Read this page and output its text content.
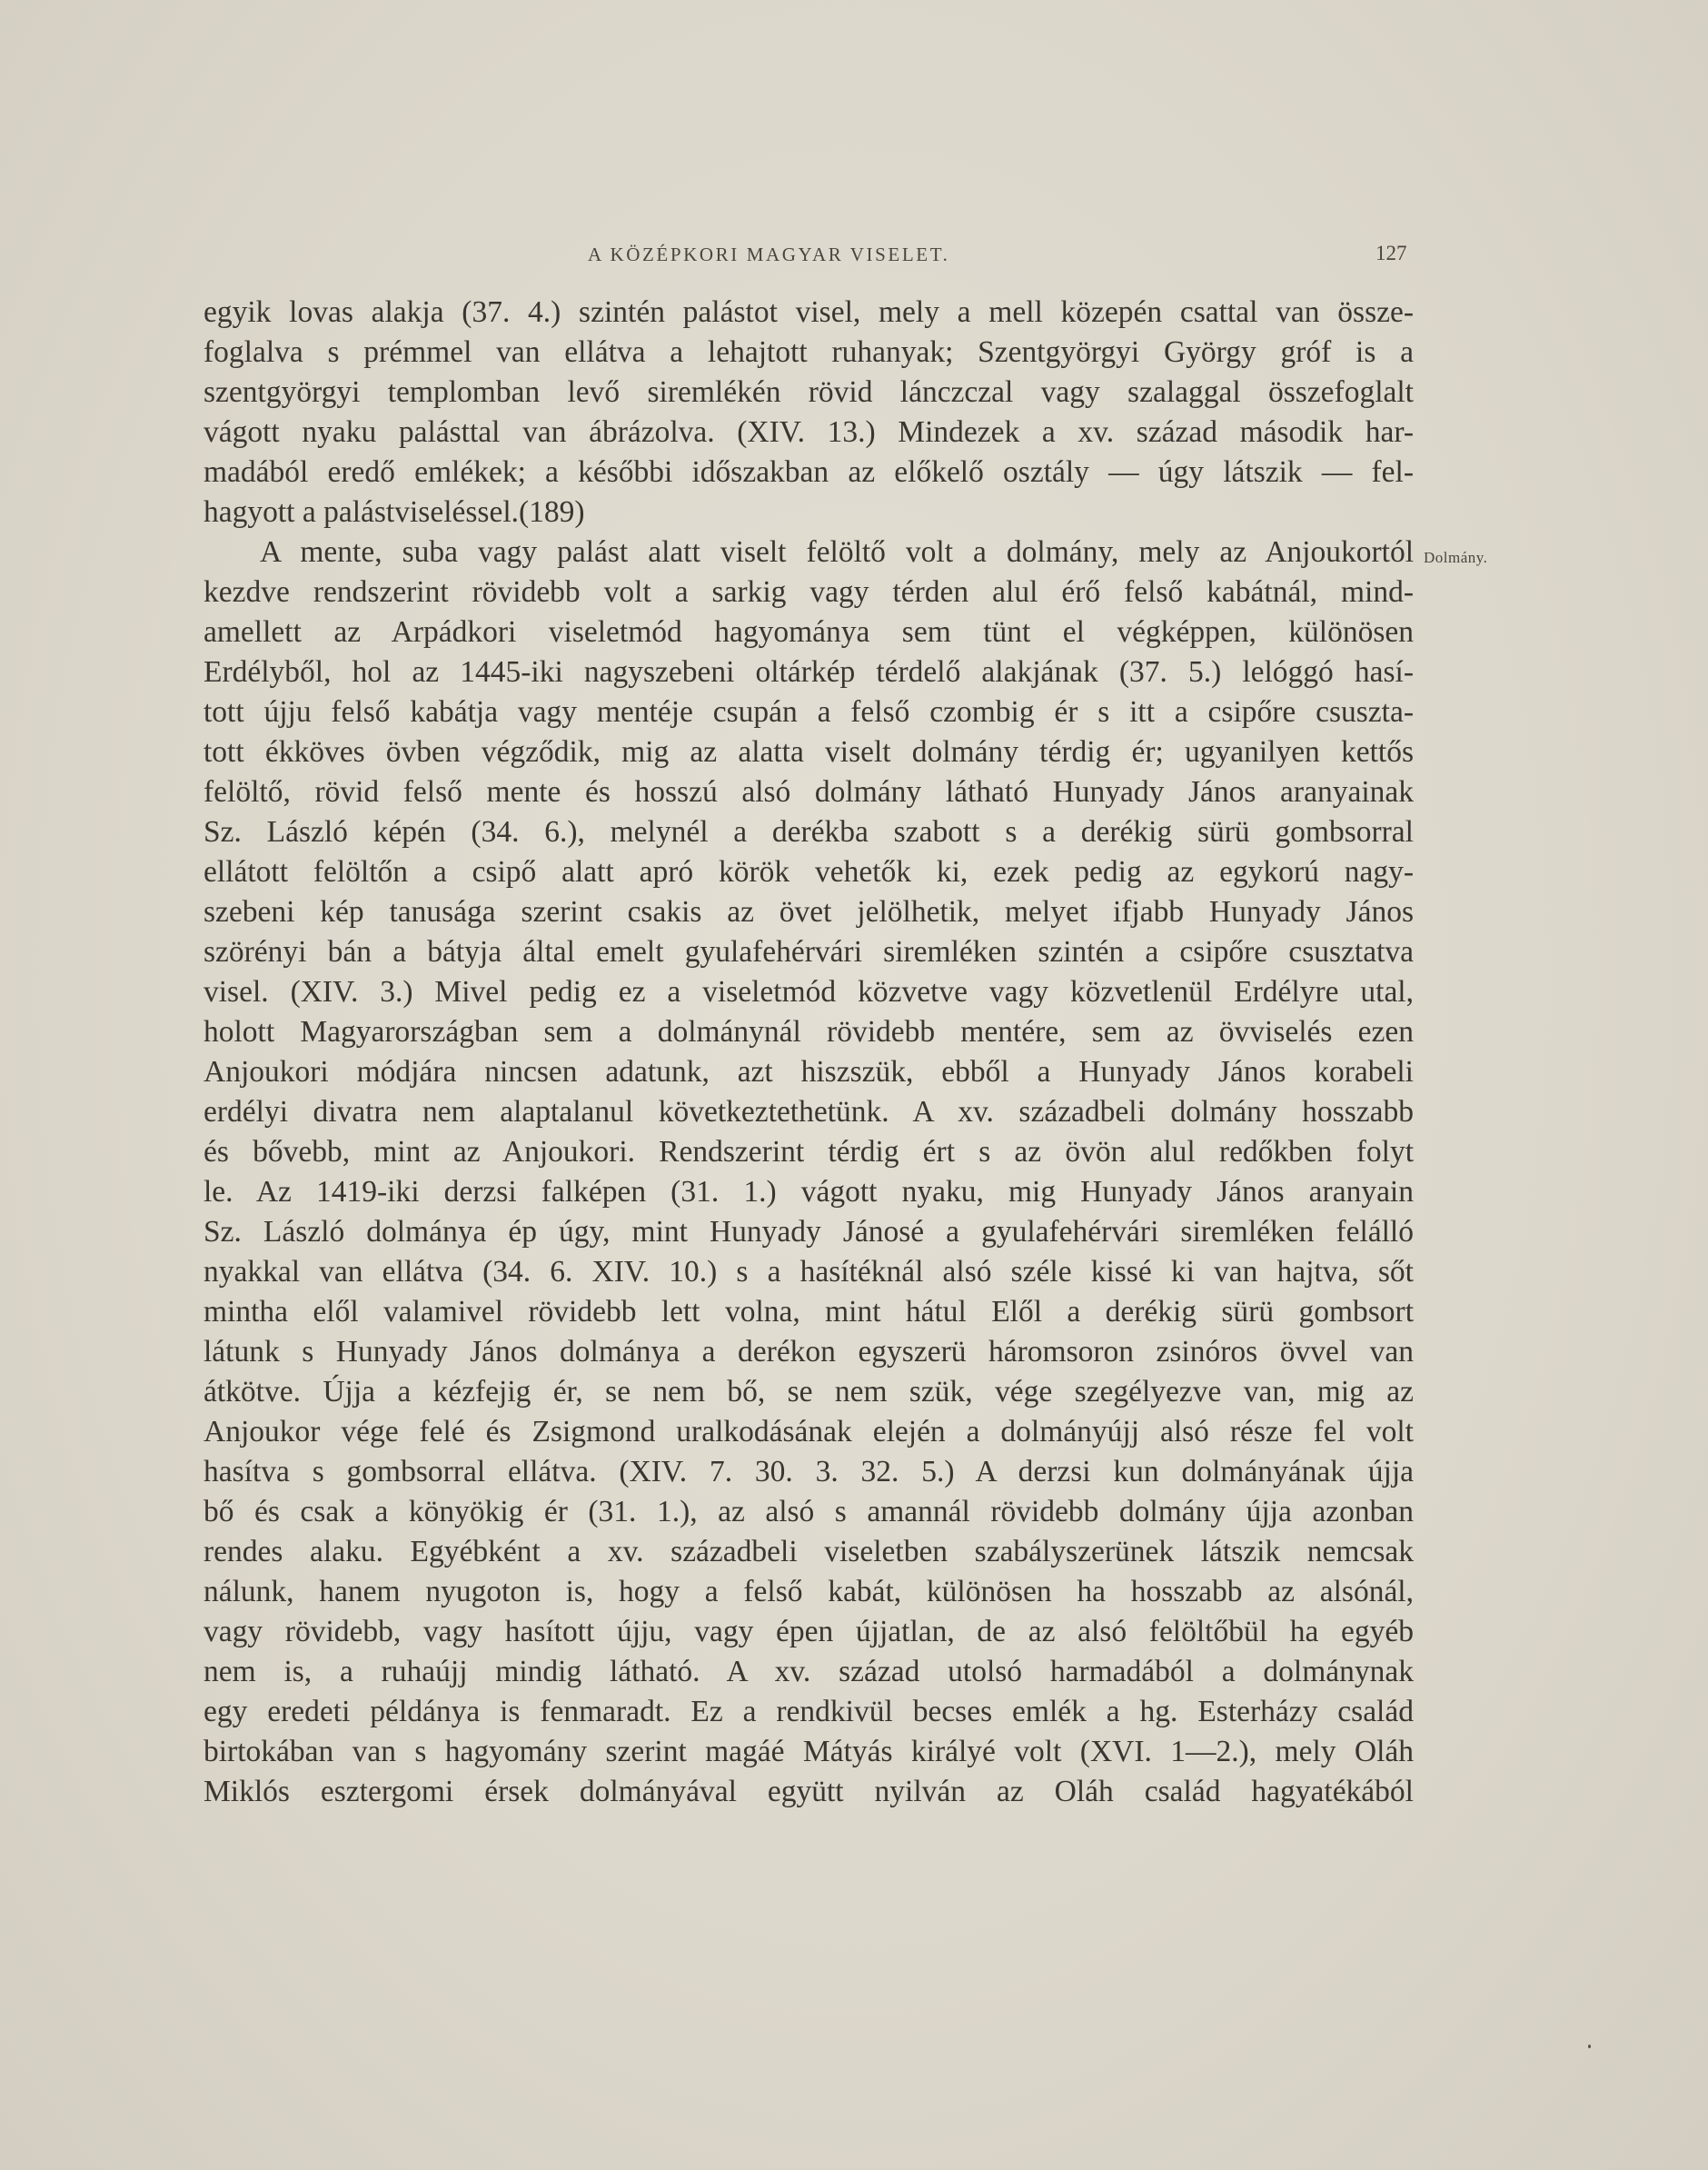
A KÖZÉPKORI MAGYAR VISELET.	127
egyik lovas alakja (37. 4.) szintén palástot visel, mely a mell közepén csattal van össze-
foglalva s prémmel van ellátva a lehajtott ruhanyak; Szentgyörgyi György gróf is a
szentgyörgyi templomban levő siremlékén rövid lánczczal vagy szalaggal összefoglalt
vágott nyaku palásttal van ábrázolva. (XIV. 13.) Mindezek a xv. század második har-
madából eredő emlékek; a későbbi időszakban az előkelő osztály — úgy látszik — fel-
hagyott a palástviseléssel.(189)
A mente, suba vagy palást alatt viselt felöltő volt a dolmány, mely az Anjoukortól
kezdve rendszerint rövidebb volt a sarkig vagy térden alul érő felső kabátnál, mind-
amellett az Arpádkori viseletmód hagyománya sem tünt el végképpen, különösen
Erdélyből, hol az 1445-iki nagyszebeni oltárkép térdelő alakjának (37. 5.) lelóggó hasí-
tott újju felső kabátja vagy mentéje csupán a felső czombig ér s itt a csipőre csuszta-
tott ékköves övben végződik, mig az alatta viselt dolmány térdig ér; ugyanilyen kettős
felöltő, rövid felső mente és hosszú alsó dolmány látható Hunyady János aranyainak
Sz. László képén (34. 6.), melynél a derékba szabott s a derékig sürü gombsorral
ellátott felöltőn a csipő alatt apró körök vehetők ki, ezek pedig az egykorú nagy-
szebeni kép tanusága szerint csakis az övet jelölhetik, melyet ifjabb Hunyady János
szörényi bán a bátyja által emelt gyulafehérvári siremléken szintén a csipőre csusztatva
visel. (XIV. 3.) Mivel pedig ez a viseletmód közvetve vagy közvetlenül Erdélyre utal,
holott Magyarországban sem a dolmánynál rövidebb mentére, sem az övviselés ezen
Anjoukori módjára nincsen adatunk, azt hiszszük, ebből a Hunyady János korabeli
erdélyi divatra nem alaptalanul következtethetünk. A xv. századbeli dolmány hosszabb
és bővebb, mint az Anjoukori. Rendszerint térdig ért s az övön alul redőkben folyt
le. Az 1419-iki derzsi falképen (31. 1.) vágott nyaku, mig Hunyady János aranyain
Sz. László dolmánya ép úgy, mint Hunyady Jánosé a gyulafehérvári siremléken felálló
nyakkal van ellátva (34. 6. XIV. 10.) s a hasítéknál alsó széle kissé ki van hajtva, sőt
mintha elől valamivel rövidebb lett volna, mint hátul Elől a derékig sürü gombsort
látunk s Hunyady János dolmánya a derékon egyszerü háromsoron zsinóros övvel van
átkötve. Újja a kézfejig ér, se nem bő, se nem szük, vége szegélyezve van, mig az
Anjoukor vége felé és Zsigmond uralkodásának elején a dolmányújj alsó része fel volt
hasítva s gombsorral ellátva. (XIV. 7. 30. 3. 32. 5.) A derzsi kun dolmányának újja
bő és csak a könyökig ér (31. 1.), az alsó s amannál rövidebb dolmány újja azonban
rendes alaku. Egyébként a xv. századbeli viseletben szabályszerünek látszik nemcsak
nálunk, hanem nyugoton is, hogy a felső kabát, különösen ha hosszabb az alsónál,
vagy rövidebb, vagy hasított újju, vagy épen újjatlan, de az alsó felöltőbül ha egyéb
nem is, a ruhaújj mindig látható. A xv. század utolsó harmadából a dolmánynak
egy eredeti példánya is fenmaradt. Ez a rendkivül becses emlék a hg. Esterházy család
birtokában van s hagyomány szerint magáé Mátyás királyé volt (XVI. 1—2.), mely Oláh
Miklós esztergomi érsek dolmányával együtt nyilván az Oláh család hagyatékából
Dolmány.
